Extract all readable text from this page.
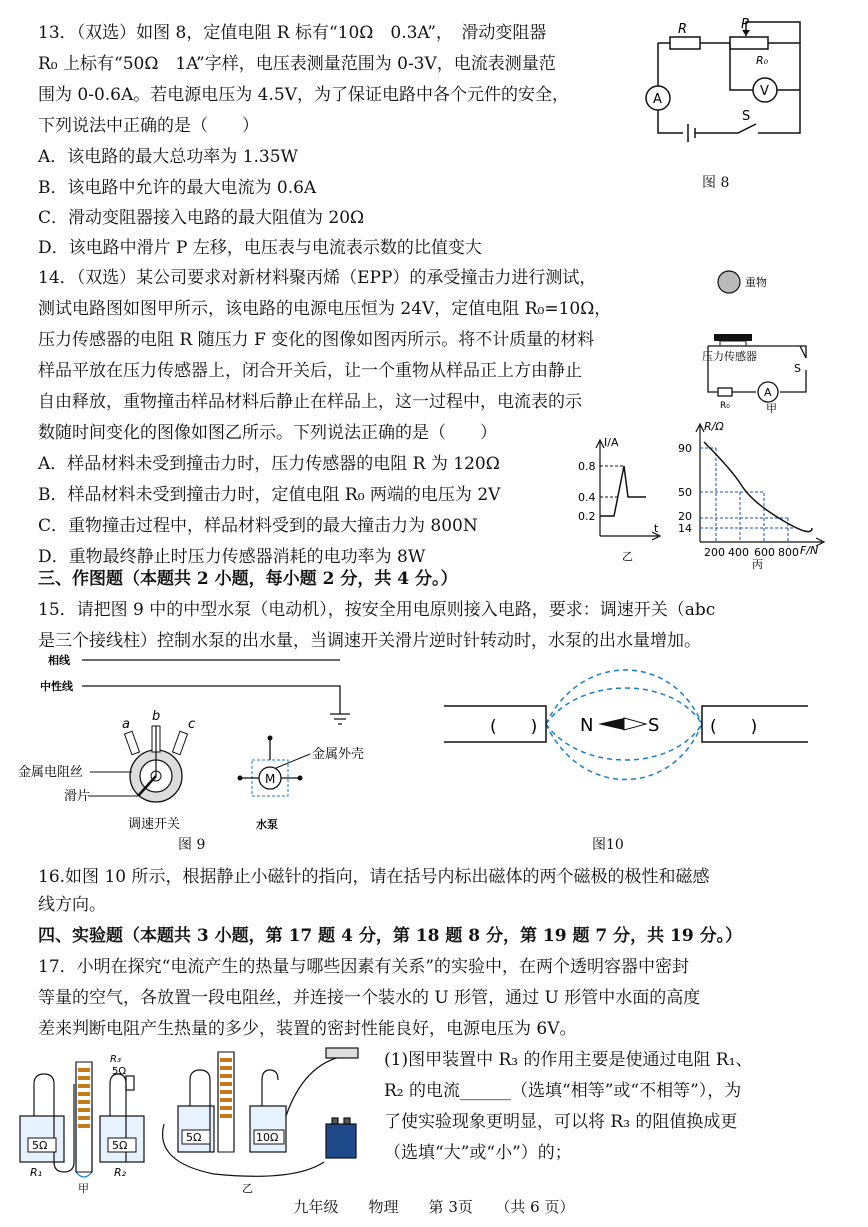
13．（双选）如图 8，定值电阻 R 标有“10Ω　0.3A”，　滑动变阻器
R₀ 上标有“50Ω　1A”字样，电压表测量范围为 0-3V，电流表测量范
围为 0-0.6A。若电源电压为 4.5V，为了保证电路中各个元件的安全，
下列说法中正确的是（　　）
A．该电路的最大总功率为 1.35W
B．该电路中允许的最大电流为 0.6A
C．滑动变阻器接入电路的最大阻值为 20Ω
D．该电路中滑片 P 左移，电压表与电流表示数的比值变大
R	P
R₀
A
V
S
图 8
14．（双选）某公司要求对新材料聚丙烯（EPP）的承受撞击力进行测试，
测试电路图如图甲所示，该电路的电源电压恒为 24V，定值电阻 R₀=10Ω，
压力传感器的电阻 R 随压力 F 变化的图像如图丙所示。将不计质量的材料
样品平放在压力传感器上，闭合开关后，让一个重物从样品正上方由静止
自由释放，重物撞击样品材料后静止在样品上，这一过程中，电流表的示
数随时间变化的图像如图乙所示。下列说法正确的是（　　）
A．样品材料未受到撞击力时，压力传感器的电阻 R 为 120Ω
B．样品材料未受到撞击力时，定值电阻 R₀ 两端的电压为 2V
C．重物撞击过程中，样品材料受到的最大撞击力为 800N
D．重物最终静止时压力传感器消耗的电功率为 8W
重物
压力传感器
S
A
R₀	甲
I/A
t
0.8
0.4
0.2
乙
R/Ω
F/N
90
50
20
14
200 400 600 800
丙
三、作图题（本题共 2 小题，每小题 2 分，共 4 分。）
15．请把图 9 中的中型水泵（电动机），按安全用电原则接入电路，要求：调速开关（abc
是三个接线柱）控制水泵的出水量，当调速开关滑片逆时针转动时，水泵的出水量增加。
相线
中性线
a
b
c
金属电阻丝
滑片
调速开关
M
金属外壳
水泵
图 9
(　　)	(　　)
N	S
图10
16.如图 10 所示，根据静止小磁针的指向，请在括号内标出磁体的两个磁极的极性和磁感
线方向。
四、实验题（本题共 3 小题，第 17 题 4 分，第 18 题 8 分，第 19 题 7 分，共 19 分。）
17．小明在探究“电流产生的热量与哪些因素有关系”的实验中，在两个透明容器中密封
等量的空气，各放置一段电阻丝，并连接一个装水的 U 形管，通过 U 形管中水面的高度
差来判断电阻产生热量的多少，装置的密封性能良好，电源电压为 6V。
(1)图甲装置中 R₃ 的作用主要是使通过电阻 R₁、
R₂ 的电流______（选填“相等”或“不相等”），为
了使实验现象更明显，可以将 R₃ 的阻值换成更
（选填“大”或“小”）的；
R₃
5Ω
5Ω	5Ω
R₁	R₂
甲
5Ω	10Ω
乙
九年级　　物理　　第 3页　　（共 6 页）
